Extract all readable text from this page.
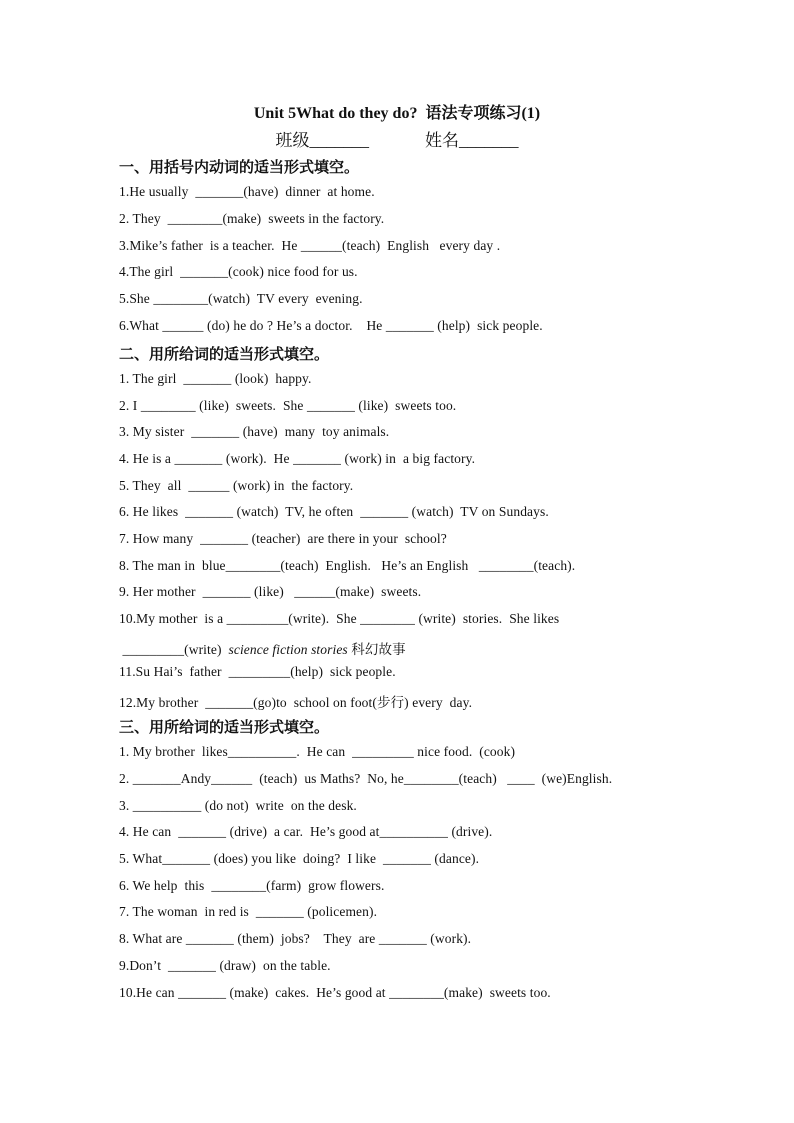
Unit 5What do they do?  语法专项练习(1)
班级_______	姓名_______
一、用括号内动词的适当形式填空。
1.He usually  _______(have)  dinner  at home.
2. They  ________(make)  sweets in the factory.
3.Mike’s father  is a teacher.  He ______(teach)  English   every day .
4.The girl  _______(cook) nice food for us.
5.She ________(watch)  TV every  evening.
6.What ______ (do) he do ? He’s a doctor.    He _______ (help)  sick people.
二、用所给词的适当形式填空。
1. The girl  _______ (look)  happy.
2. I ________ (like)  sweets.  She _______ (like)  sweets too.
3. My sister  _______ (have)  many  toy animals.
4. He is a _______ (work).  He _______ (work) in  a big factory.
5. They  all  ______ (work) in  the factory.
6. He likes  _______ (watch)  TV, he often  _______ (watch)  TV on Sundays.
7. How many  _______ (teacher)  are there in your  school?
8. The man in  blue________(teach)  English.   He’s an English   ________(teach).
9. Her mother  _______ (like)   ______(make)  sweets.
10.My mother  is a _________(write).  She ________ (write)  stories.  She likes
_________(write)  science fiction stories 科幻故事
11.Su Hai’s  father  _________(help)  sick people.
12.My brother  _______(go)to  school on foot(步行) every  day.
三、用所给词的适当形式填空。
1. My brother  likes__________.  He can  _________ nice food.  (cook)
2. _______Andy______  (teach)  us Maths?  No, he________(teach)   ____  (we)English.
3. __________ (do not)  write  on the desk.
4. He can  _______ (drive)  a car.  He’s good at__________ (drive).
5. What_______ (does) you like  doing?  I like  _______ (dance).
6. We help  this  ________(farm)  grow flowers.
7. The woman  in red is  _______ (policemen).
8. What are _______ (them)  jobs?    They  are _______ (work).
9.Don’t  _______ (draw)  on the table.
10.He can _______ (make)  cakes.  He’s good at ________(make)  sweets too.
